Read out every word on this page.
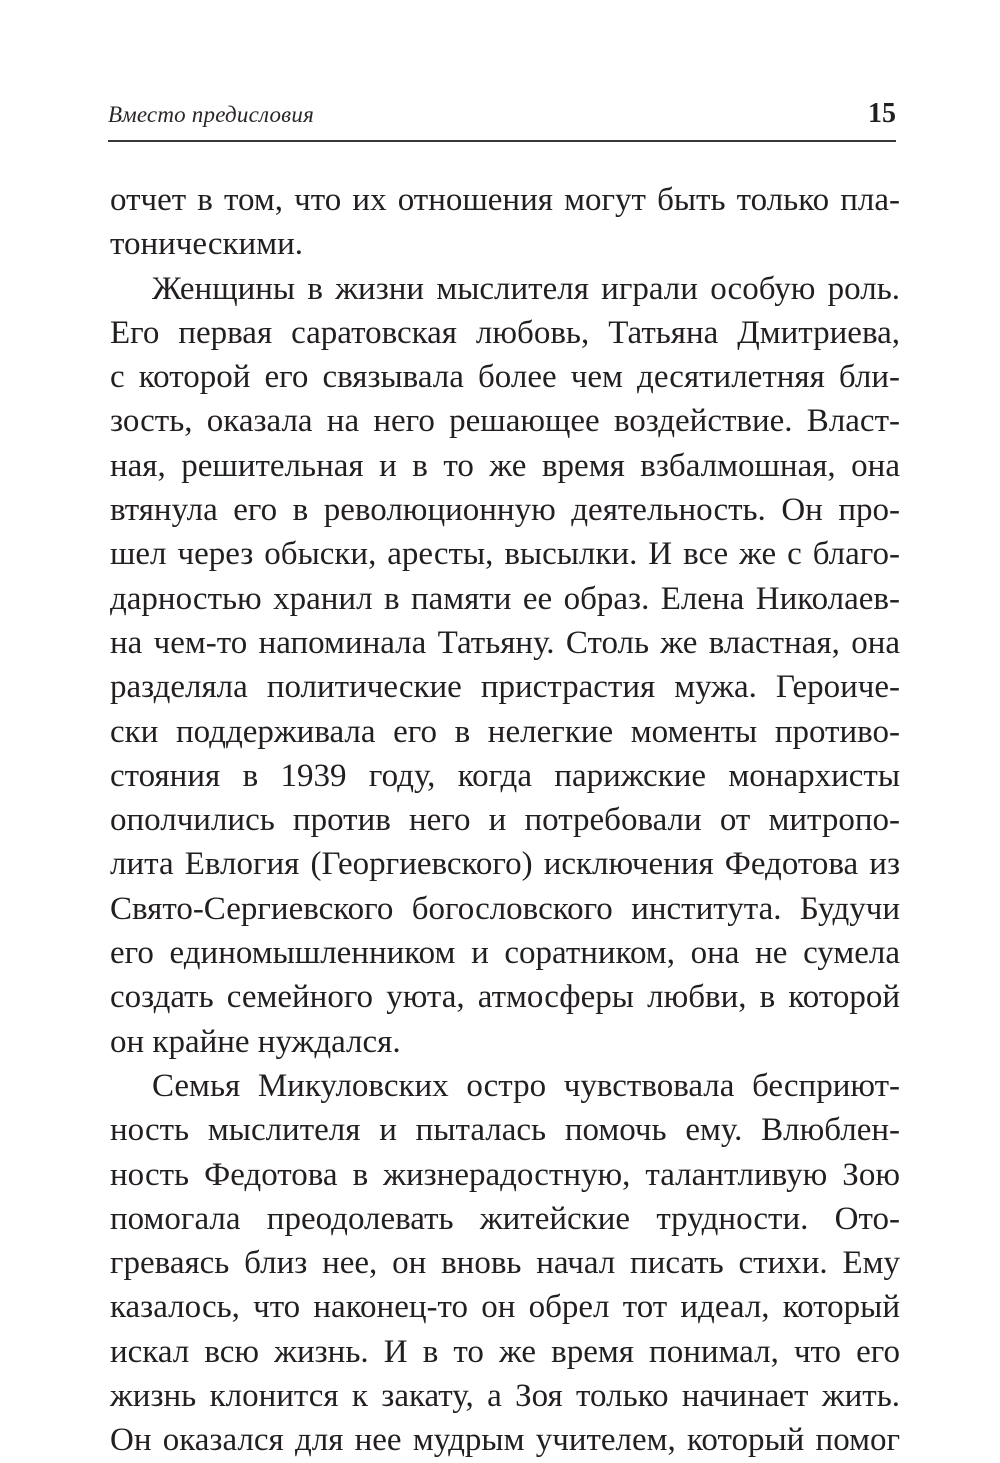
Вместо предисловия	15
отчет в том, что их отношения могут быть только пла-
тоническими.
Женщины в жизни мыслителя играли особую роль.
Его первая саратовская любовь, Татьяна Дмитриева,
с которой его связывала более чем десятилетняя бли-
зость, оказала на него решающее воздействие. Власт-
ная, решительная и в то же время взбалмошная, она
втянула его в революционную деятельность. Он про-
шел через обыски, аресты, высылки. И все же с благо-
дарностью хранил в памяти ее образ. Елена Николаев-
на чем-то напоминала Татьяну. Столь же властная, она
разделяла политические пристрастия мужа. Героиче-
ски поддерживала его в нелегкие моменты противо-
стояния в 1939 году, когда парижские монархисты
ополчились против него и потребовали от митропо-
лита Евлогия (Георгиевского) исключения Федотова из
Свято-Сергиевского богословского института. Будучи
его единомышленником и соратником, она не сумела
создать семейного уюта, атмосферы любви, в которой
он крайне нуждался.
Семья Микуловских остро чувствовала бесприют-
ность мыслителя и пыталась помочь ему. Влюблен-
ность Федотова в жизнерадостную, талантливую Зою
помогала преодолевать житейские трудности. Ото-
греваясь близ нее, он вновь начал писать стихи. Ему
казалось, что наконец-то он обрел тот идеал, который
искал всю жизнь. И в то же время понимал, что его
жизнь клонится к закату, а Зоя только начинает жить.
Он оказался для нее мудрым учителем, который помог
